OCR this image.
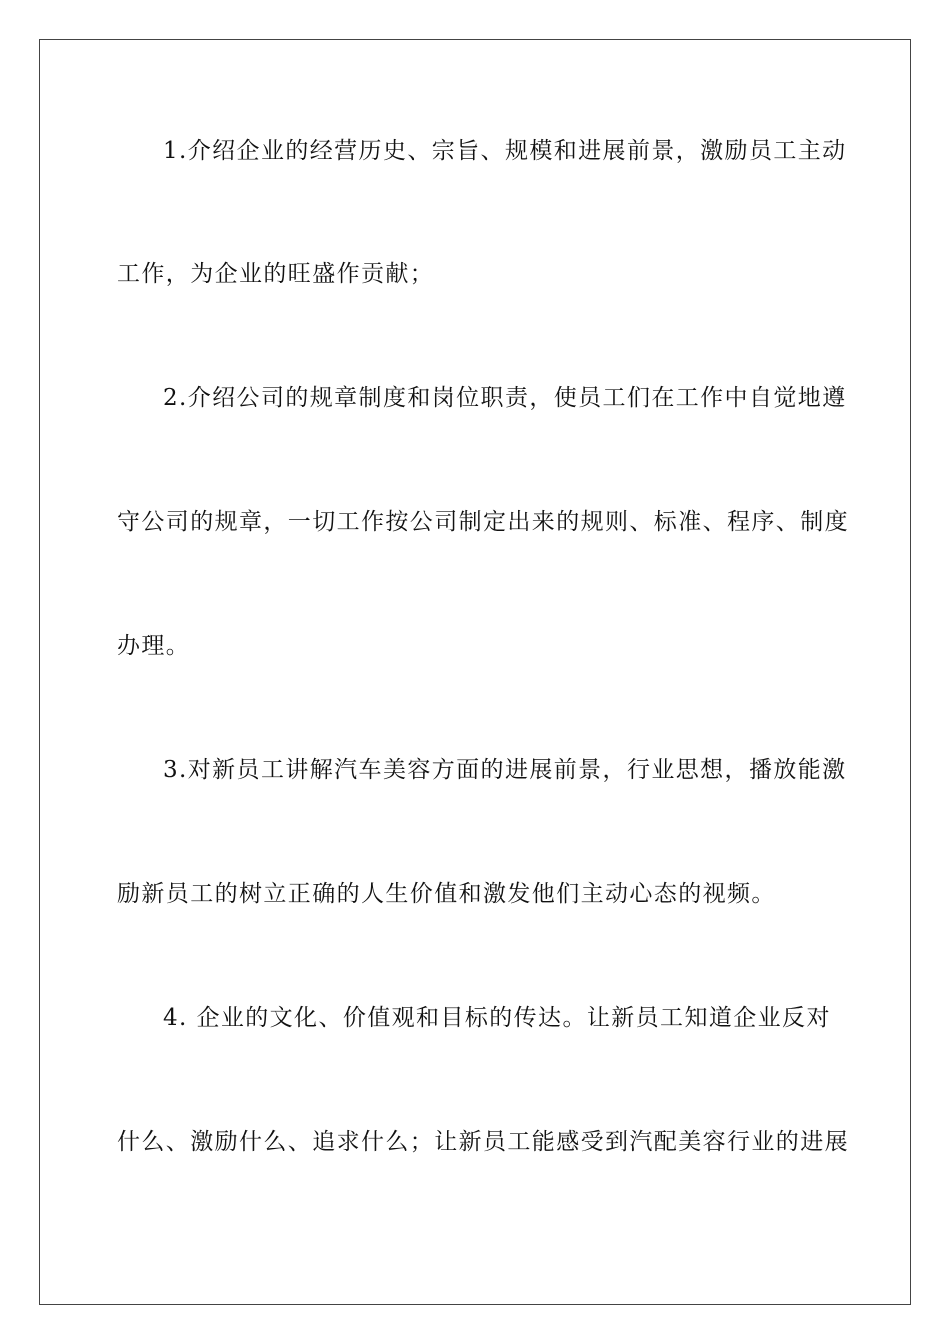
1.介绍企业的经营历史、宗旨、规模和进展前景，激励员工主动
工作，为企业的旺盛作贡献；
2.介绍公司的规章制度和岗位职责，使员工们在工作中自觉地遵
守公司的规章，一切工作按公司制定出来的规则、标准、程序、制度
办理。
3.对新员工讲解汽车美容方面的进展前景，行业思想，播放能激
励新员工的树立正确的人生价值和激发他们主动心态的视频。
4. 企业的文化、价值观和目标的传达。让新员工知道企业反对
什么、激励什么、追求什么；让新员工能感受到汽配美容行业的进展
